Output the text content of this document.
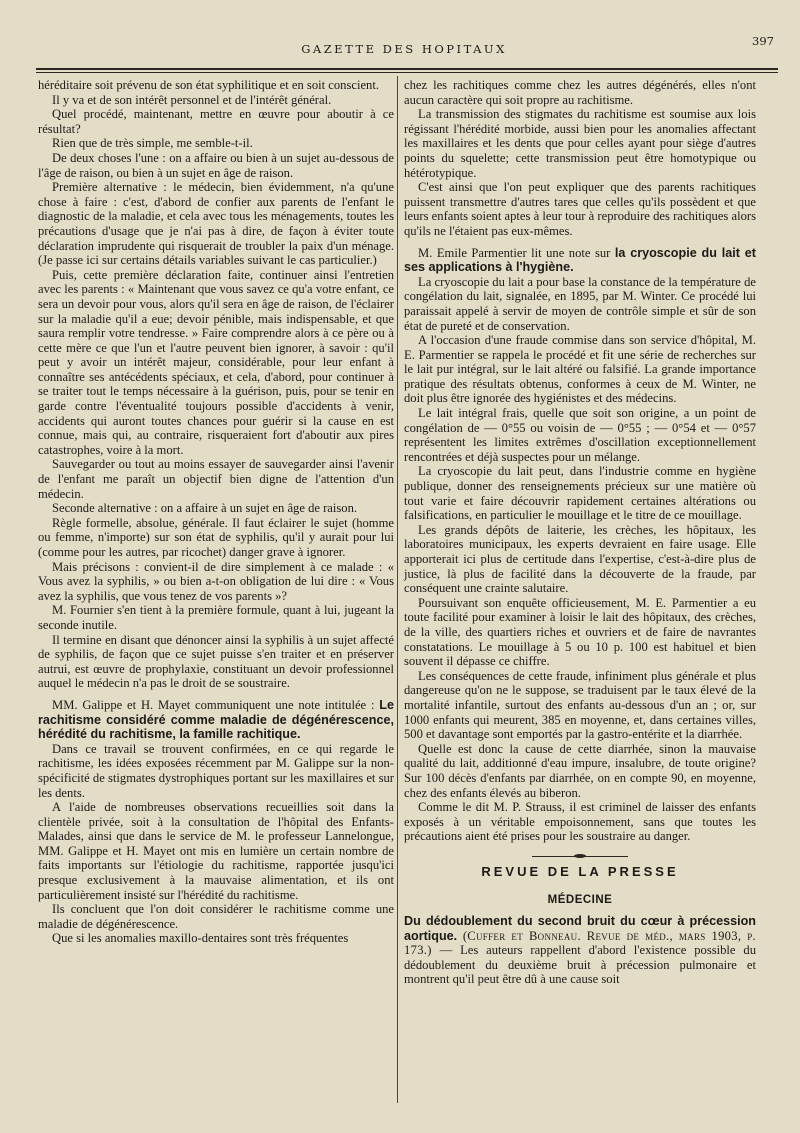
GAZETTE DES HOPITAUX
397

héréditaire soit prévenu de son état syphilitique et en soit conscient.

Il y va et de son intérêt personnel et de l'intérêt général.

Quel procédé, maintenant, mettre en œuvre pour aboutir à ce résultat?

Rien que de très simple, me semble-t-il.

De deux choses l'une : on a affaire ou bien à un sujet au-dessous de l'âge de raison, ou bien à un sujet en âge de raison.

Première alternative : le médecin, bien évidemment, n'a qu'une chose à faire : c'est, d'abord de confier aux parents de l'enfant le diagnostic de la maladie, et cela avec tous les ménagements, toutes les précautions d'usage que je n'ai pas à dire, de façon à éviter toute déclaration imprudente qui risquerait de troubler la paix d'un ménage. (Je passe ici sur certains détails variables suivant le cas particulier.)

Puis, cette première déclaration faite, continuer ainsi l'entretien avec les parents : « Maintenant que vous savez ce qu'a votre enfant, ce sera un devoir pour vous, alors qu'il sera en âge de raison, de l'éclairer sur la maladie qu'il a eue; devoir pénible, mais indispensable, et que saura remplir votre tendresse. » Faire comprendre alors à ce père ou à cette mère ce que l'un et l'autre peuvent bien ignorer, à savoir : qu'il peut y avoir un intérêt majeur, considérable, pour leur enfant à connaître ses antécédents spéciaux, et cela, d'abord, pour continuer à se traiter tout le temps nécessaire à la guérison, puis, pour se tenir en garde contre l'éventualité toujours possible d'accidents à venir, accidents qui auront toutes chances pour guérir si la cause en est connue, mais qui, au contraire, risqueraient fort d'aboutir aux pires catastrophes, voire à la mort.

Sauvegarder ou tout au moins essayer de sauvegarder ainsi l'avenir de l'enfant me paraît un objectif bien digne de l'attention d'un médecin.

Seconde alternative : on a affaire à un sujet en âge de raison.

Règle formelle, absolue, générale. Il faut éclairer le sujet (homme ou femme, n'importe) sur son état de syphilis, qu'il y aurait pour lui (comme pour les autres, par ricochet) danger grave à ignorer.

Mais précisons : convient-il de dire simplement à ce malade : « Vous avez la syphilis, » ou bien a-t-on obligation de lui dire : « Vous avez la syphilis, que vous tenez de vos parents »?

M. Fournier s'en tient à la première formule, quant à lui, jugeant la seconde inutile.

Il termine en disant que dénoncer ainsi la syphilis à un sujet affecté de syphilis, de façon que ce sujet puisse s'en traiter et en préserver autrui, est œuvre de prophylaxie, constituant un devoir professionnel auquel le médecin n'a pas le droit de se soustraire.

MM. Galippe et H. Mayet communiquent une note intitulée : Le rachitisme considéré comme maladie de dégénérescence, hérédité du rachitisme, la famille rachitique.

Dans ce travail se trouvent confirmées, en ce qui regarde le rachitisme, les idées exposées récemment par M. Galippe sur la non-spécificité de stigmates dystrophiques portant sur les maxillaires et sur les dents.

A l'aide de nombreuses observations recueillies soit dans la clientèle privée, soit à la consultation de l'hôpital des Enfants-Malades, ainsi que dans le service de M. le professeur Lannelongue, MM. Galippe et H. Mayet ont mis en lumière un certain nombre de faits importants sur l'étiologie du rachitisme, rapportée jusqu'ici presque exclusivement à la mauvaise alimentation, et ils ont particulièrement insisté sur l'hérédité du rachitisme.

Ils concluent que l'on doit considérer le rachitisme comme une maladie de dégénérescence.

Que si les anomalies maxillo-dentaires sont très fréquentes

chez les rachitiques comme chez les autres dégénérés, elles n'ont aucun caractère qui soit propre au rachitisme.

La transmission des stigmates du rachitisme est soumise aux lois régissant l'hérédité morbide, aussi bien pour les anomalies affectant les maxillaires et les dents que pour celles ayant pour siège d'autres points du squelette; cette transmission peut être homotypique ou hétérotypique.

C'est ainsi que l'on peut expliquer que des parents rachitiques puissent transmettre d'autres tares que celles qu'ils possèdent et que leurs enfants soient aptes à leur tour à reproduire des rachitiques alors qu'ils ne l'étaient pas eux-mêmes.

M. Emile Parmentier lit une note sur la cryoscopie du lait et ses applications à l'hygiène.

La cryoscopie du lait a pour base la constance de la température de congélation du lait, signalée, en 1895, par M. Winter. Ce procédé lui paraissait appelé à servir de moyen de contrôle simple et sûr de son état de pureté et de conservation.

A l'occasion d'une fraude commise dans son service d'hôpital, M. E. Parmentier se rappela le procédé et fit une série de recherches sur le lait pur intégral, sur le lait altéré ou falsifié. La grande importance pratique des résultats obtenus, conformes à ceux de M. Winter, ne doit plus être ignorée des hygiénistes et des médecins.

Le lait intégral frais, quelle que soit son origine, a un point de congélation de — 0°55 ou voisin de — 0°55 ; — 0°54 et — 0°57 représentent les limites extrêmes d'oscillation exceptionnellement rencontrées et déjà suspectes pour un mélange.

La cryoscopie du lait peut, dans l'industrie comme en hygiène publique, donner des renseignements précieux sur une matière où tout varie et faire découvrir rapidement certaines altérations ou falsifications, en particulier le mouillage et le titre de ce mouillage.

Les grands dépôts de laiterie, les crèches, les hôpitaux, les laboratoires municipaux, les experts devraient en faire usage. Elle apporterait ici plus de certitude dans l'expertise, c'est-à-dire plus de justice, là plus de facilité dans la découverte de la fraude, par conséquent une crainte salutaire.

Poursuivant son enquête officieusement, M. E. Parmentier a eu toute facilité pour examiner à loisir le lait des hôpitaux, des crèches, de la ville, des quartiers riches et ouvriers et de faire de navrantes constatations. Le mouillage à 5 ou 10 p. 100 est habituel et bien souvent il dépasse ce chiffre.

Les conséquences de cette fraude, infiniment plus générale et plus dangereuse qu'on ne le suppose, se traduisent par le taux élevé de la mortalité infantile, surtout des enfants au-dessous d'un an ; or, sur 1000 enfants qui meurent, 385 en moyenne, et, dans certaines villes, 500 et davantage sont emportés par la gastro-entérite et la diarrhée.

Quelle est donc la cause de cette diarrhée, sinon la mauvaise qualité du lait, additionné d'eau impure, insalubre, de toute origine? Sur 100 décès d'enfants par diarrhée, on en compte 90, en moyenne, chez des enfants élevés au biberon.

Comme le dit M. P. Strauss, il est criminel de laisser des enfants exposés à un véritable empoisonnement, sans que toutes les précautions aient été prises pour les soustraire au danger.

REVUE DE LA PRESSE
MÉDECINE

Du dédoublement du second bruit du cœur à précession aortique. (Cuffer et Bonneau. Revue de méd., mars 1903, p. 173.) — Les auteurs rappellent d'abord l'existence possible du dédoublement du deuxième bruit à précession pulmonaire et montrent qu'il peut être dû à une cause soit
